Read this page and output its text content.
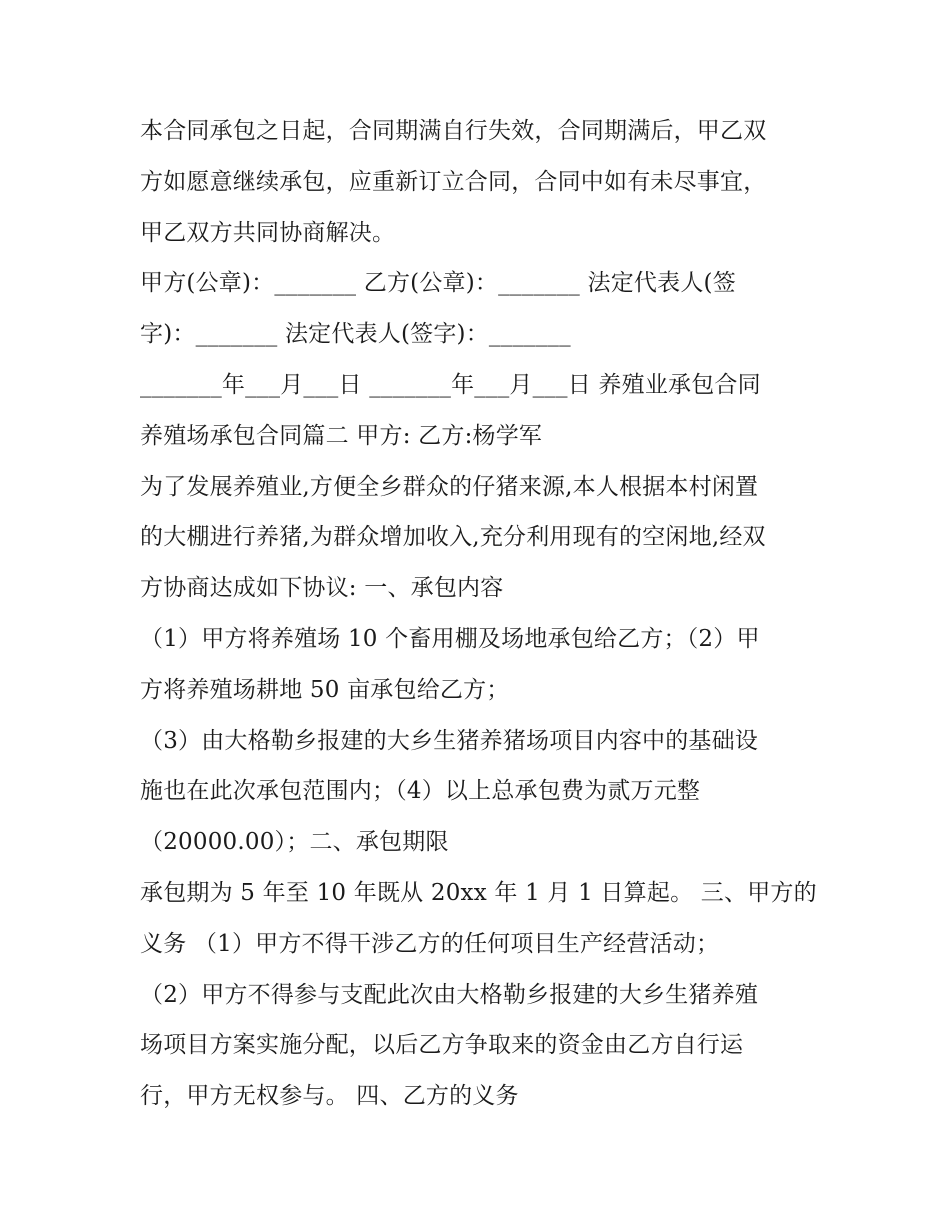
本合同承包之日起，合同期满自行失效，合同期满后，甲乙双
方如愿意继续承包，应重新订立合同，合同中如有未尽事宜，
甲乙双方共同协商解决。
甲方(公章)：_______ 乙方(公章)：_______ 法定代表人(签
字)：_______ 法定代表人(签字)：_______
_______年___月___日 _______年___月___日 养殖业承包合同
养殖场承包合同篇二 甲方: 乙方:杨学军
为了发展养殖业,方便全乡群众的仔猪来源,本人根据本村闲置
的大棚进行养猪,为群众增加收入,充分利用现有的空闲地,经双
方协商达成如下协议: 一、承包内容
（1）甲方将养殖场 10 个畜用棚及场地承包给乙方；（2）甲
方将养殖场耕地 50 亩承包给乙方；
（3）由大格勒乡报建的大乡生猪养猪场项目内容中的基础设
施也在此次承包范围内；（4）以上总承包费为贰万元整
（20000.00）；二、承包期限
承包期为 5 年至 10 年既从 20xx 年 1 月 1 日算起。 三、甲方的
义务 （1）甲方不得干涉乙方的任何项目生产经营活动；
（2）甲方不得参与支配此次由大格勒乡报建的大乡生猪养殖
场项目方案实施分配，以后乙方争取来的资金由乙方自行运
行，甲方无权参与。 四、乙方的义务
